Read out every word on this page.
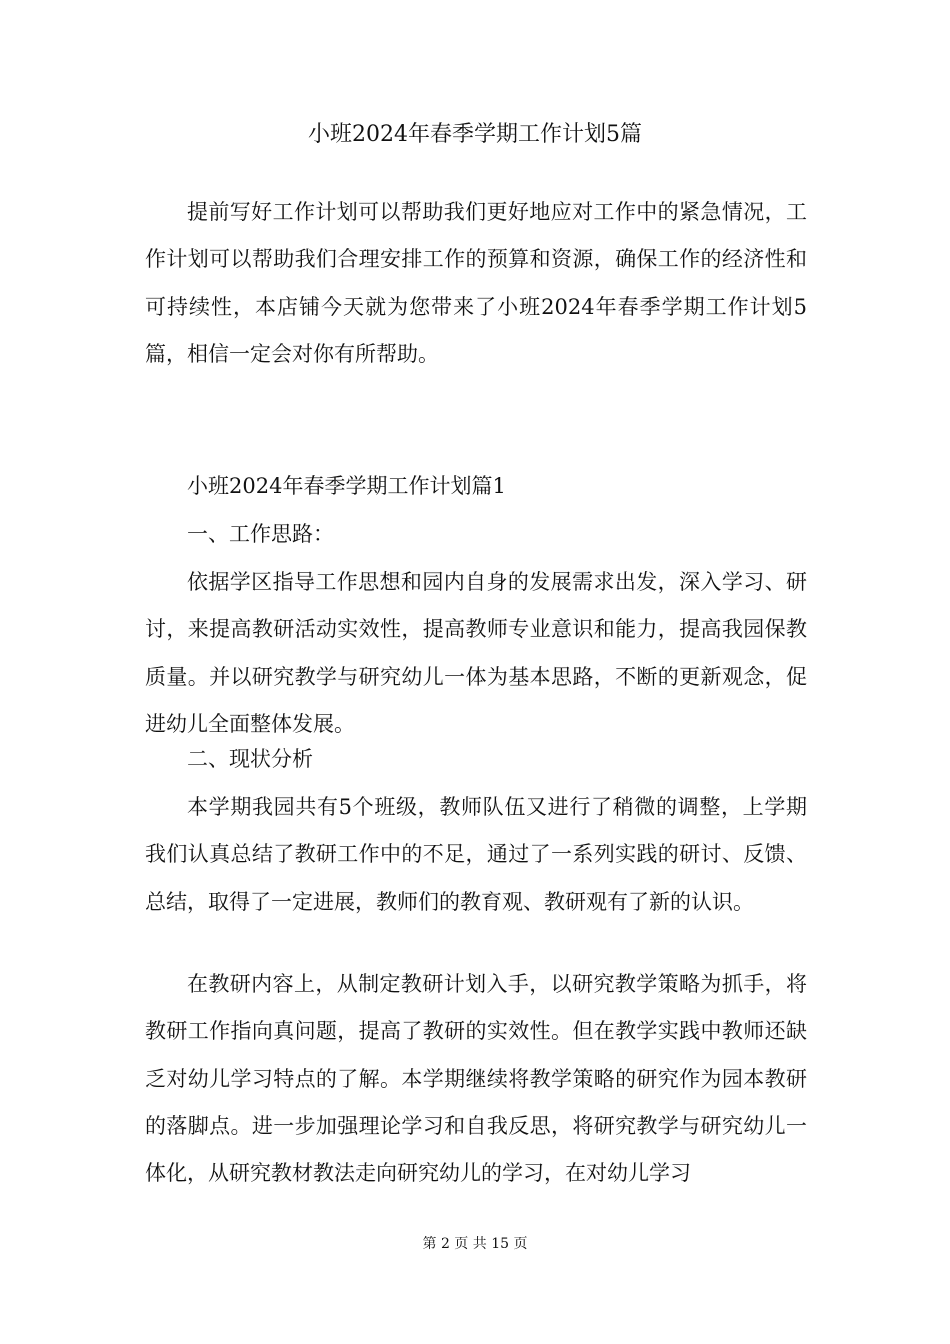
小班2024年春季学期工作计划5篇

提前写好工作计划可以帮助我们更好地应对工作中的紧急情况，工作计划可以帮助我们合理安排工作的预算和资源，确保工作的经济性和可持续性，本店铺今天就为您带来了小班2024年春季学期工作计划5篇，相信一定会对你有所帮助。

小班2024年春季学期工作计划篇1

一、工作思路：

依据学区指导工作思想和园内自身的发展需求出发，深入学习、研讨，来提高教研活动实效性，提高教师专业意识和能力，提高我园保教质量。并以研究教学与研究幼儿一体为基本思路，不断的更新观念，促进幼儿全面整体发展。

二、现状分析

本学期我园共有5个班级，教师队伍又进行了稍微的调整，上学期我们认真总结了教研工作中的不足，通过了一系列实践的研讨、反馈、总结，取得了一定进展，教师们的教育观、教研观有了新的认识。

在教研内容上，从制定教研计划入手，以研究教学策略为抓手，将教研工作指向真问题，提高了教研的实效性。但在教学实践中教师还缺乏对幼儿学习特点的了解。本学期继续将教学策略的研究作为园本教研的落脚点。进一步加强理论学习和自我反思，将研究教学与研究幼儿一体化，从研究教材教法走向研究幼儿的学习，在对幼儿学习

第 2 页 共 15 页
